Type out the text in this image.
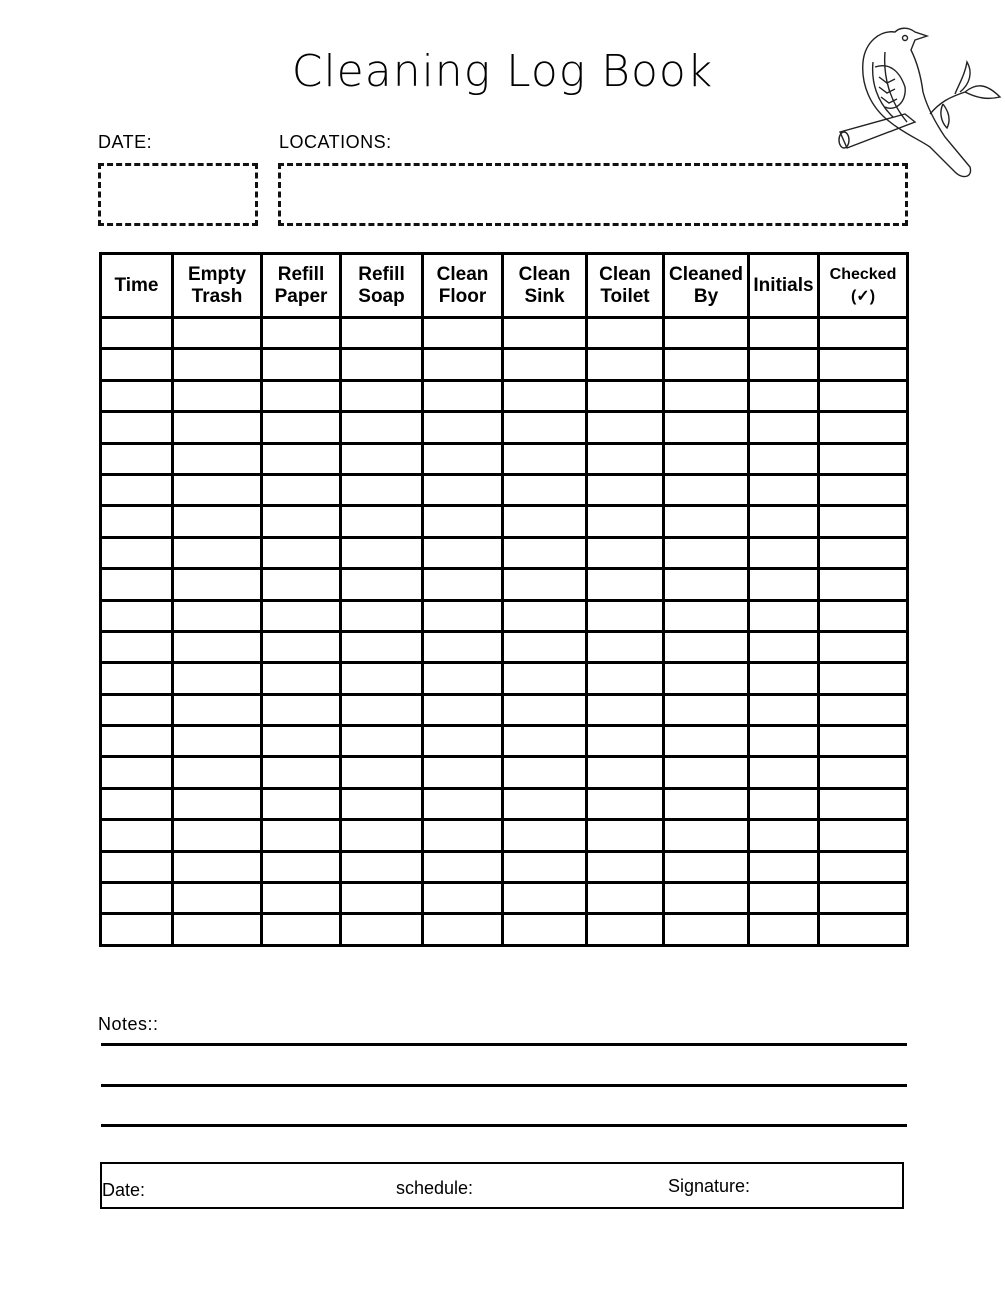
Cleaning Log Book
DATE:	LOCATIONS:
Time	Empty Trash	Refill Paper	Refill Soap	Clean Floor	Clean Sink	Clean Toilet	Cleaned By	Initials	Checked
(✓)

Notes::
Date:	schedule:	Signature:
